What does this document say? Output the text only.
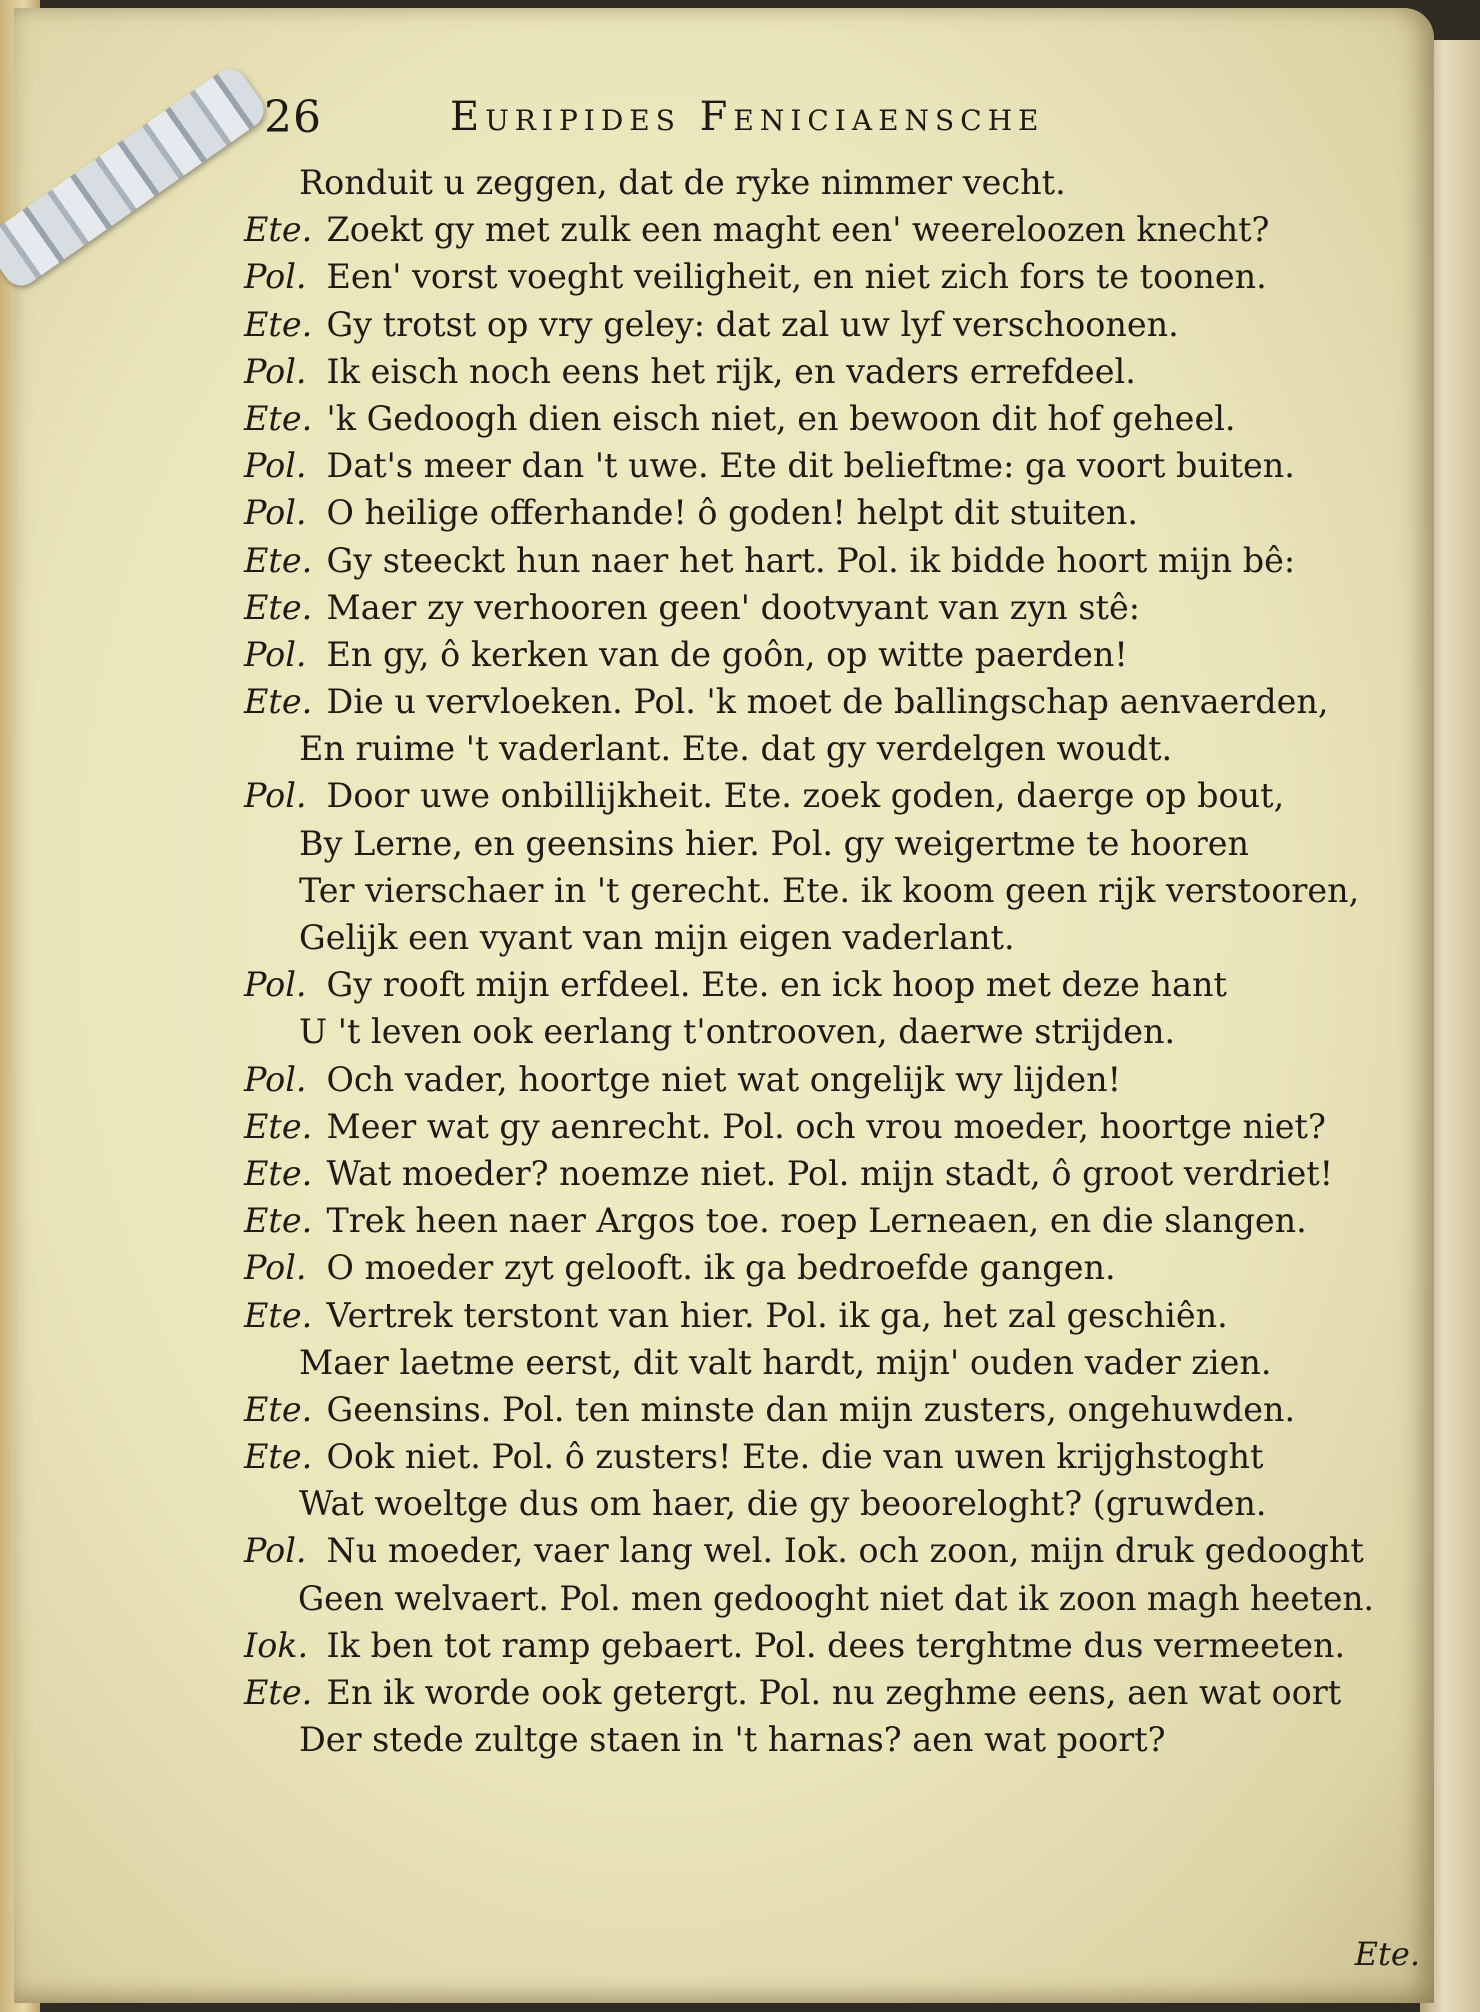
26	Euripides Feniciaensche
Ronduit u zeggen, dat de ryke nimmer vecht.
Ete. Zoekt gy met zulk een maght een' weereloozen knecht?
Pol. Een' vorst voeght veiligheit, en niet zich fors te toonen.
Ete. Gy trotst op vry geley: dat zal uw lyf verschoonen.
Pol. Ik eisch noch eens het rijk, en vaders errefdeel.
Ete. 'k Gedoogh dien eisch niet, en bewoon dit hof geheel.
Pol. Dat's meer dan 't uwe. Ete dit belieftme: ga voort buiten.
Pol. O heilige offerhande! ô goden! helpt dit stuiten.
Ete. Gy steeckt hun naer het hart. Pol. ik bidde hoort mijn bê:
Ete. Maer zy verhooren geen' dootvyant van zyn stê:
Pol. En gy, ô kerken van de goôn, op witte paerden!
Ete. Die u vervloeken. Pol. 'k moet de ballingschap aenvaerden,
En ruime 't vaderlant. Ete. dat gy verdelgen woudt.
Pol. Door uwe onbillijkheit. Ete. zoek goden, daerge op bout,
By Lerne, en geensins hier. Pol. gy weigertme te hooren
Ter vierschaer in 't gerecht. Ete. ik koom geen rijk verstooren,
Gelijk een vyant van mijn eigen vaderlant.
Pol. Gy rooft mijn erfdeel. Ete. en ick hoop met deze hant
U 't leven ook eerlang t'ontrooven, daerwe strijden.
Pol. Och vader, hoortge niet wat ongelijk wy lijden!
Ete. Meer wat gy aenrecht. Pol. och vrou moeder, hoortge niet?
Ete. Wat moeder? noemze niet. Pol. mijn stadt, ô groot verdriet!
Ete. Trek heen naer Argos toe. roep Lerneaen, en die slangen.
Pol. O moeder zyt gelooft. ik ga bedroefde gangen.
Ete. Vertrek terstont van hier. Pol. ik ga, het zal geschiên.
Maer laetme eerst, dit valt hardt, mijn' ouden vader zien.
Ete. Geensins. Pol. ten minste dan mijn zusters, ongehuwden.
Ete. Ook niet. Pol. ô zusters! Ete. die van uwen krijghstoght
Wat woeltge dus om haer, die gy beooreloght? (gruwden.
Pol. Nu moeder, vaer lang wel. Iok. och zoon, mijn druk gedooght
Geen welvaert. Pol. men gedooght niet dat ik zoon magh heeten.
Iok. Ik ben tot ramp gebaert. Pol. dees terghtme dus vermeeten.
Ete. En ik worde ook getergt. Pol. nu zeghme eens, aen wat oort
Der stede zultge staen in 't harnas? aen wat poort?
Ete.
